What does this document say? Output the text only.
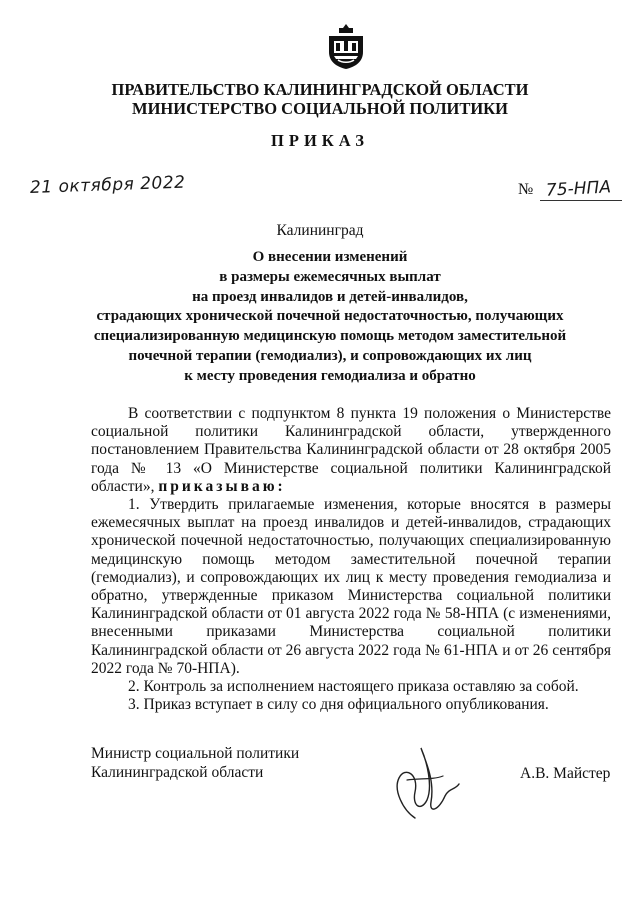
ПРАВИТЕЛЬСТВО КАЛИНИНГРАДСКОЙ ОБЛАСТИ
МИНИСТЕРСТВО СОЦИАЛЬНОЙ ПОЛИТИКИ
ПРИКАЗ
21 октября 2022	№ 75-НПА
Калининград
О внесении изменений
в размеры ежемесячных выплат
на проезд инвалидов и детей-инвалидов,
страдающих хронической почечной недостаточностью, получающих
специализированную медицинскую помощь методом заместительной
почечной терапии (гемодиализ), и сопровождающих их лиц
к месту проведения гемодиализа и обратно

В соответствии с подпунктом 8 пункта 19 положения о Министерстве социальной политики Калининградской области, утвержденного постановлением Правительства Калининградской области от 28 октября 2005 года № 13 «О Министерстве социальной политики Калининградской области», приказываю:

1. Утвердить прилагаемые изменения, которые вносятся в размеры ежемесячных выплат на проезд инвалидов и детей-инвалидов, страдающих хронической почечной недостаточностью, получающих специализированную медицинскую помощь методом заместительной почечной терапии (гемодиализ), и сопровождающих их лиц к месту проведения гемодиализа и обратно, утвержденные приказом Министерства социальной политики Калининградской области от 01 августа 2022 года № 58-НПА (с изменениями, внесенными приказами Министерства социальной политики Калининградской области от 26 августа 2022 года № 61-НПА и от 26 сентября 2022 года № 70-НПА).

2. Контроль за исполнением настоящего приказа оставляю за собой.

3. Приказ вступает в силу со дня официального опубликования.

Министр социальной политики
Калининградской области	А.В. Майстер
